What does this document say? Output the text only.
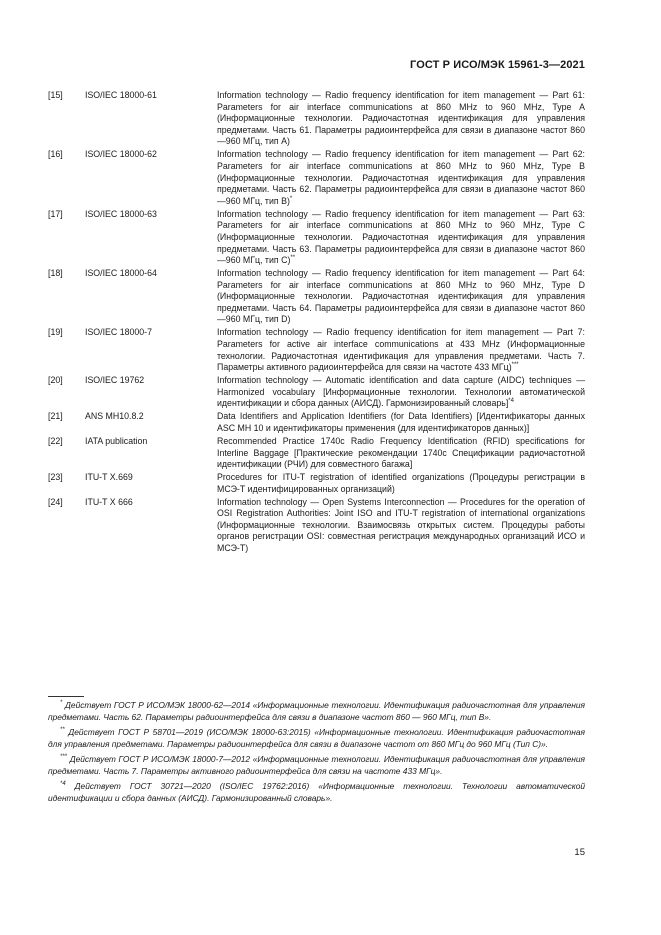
ГОСТ Р ИСО/МЭК 15961-3—2021
[15]	ISO/IEC 18000-61	Information technology — Radio frequency identification for item management — Part 61: Parameters for air interface communications at 860 MHz to 960 MHz, Type A (Информационные технологии. Радиочастотная идентификация для управления предметами. Часть 61. Параметры радиоинтерфейса для связи в диапазоне частот 860—960 МГц, тип А)
[16]	ISO/IEC 18000-62	Information technology — Radio frequency identification for item management — Part 62: Parameters for air interface communications at 860 MHz to 960 MHz, Type B (Информационные технологии. Радиочастотная идентификация для управления предметами. Часть 62. Параметры радиоинтерфейса для связи в диапазоне частот 860—960 МГц, тип В)*
[17]	ISO/IEC 18000-63	Information technology — Radio frequency identification for item management — Part 63: Parameters for air interface communications at 860 MHz to 960 MHz, Type C (Информационные технологии. Радиочастотная идентификация для управления предметами. Часть 63. Параметры радиоинтерфейса для связи в диапазоне частот 860—960 МГц, тип С)**
[18]	ISO/IEC 18000-64	Information technology — Radio frequency identification for item management — Part 64: Parameters for air interface communications at 860 MHz to 960 MHz, Type D (Информационные технологии. Радиочастотная идентификация для управления предметами. Часть 64. Параметры радиоинтерфейса для связи в диапазоне частот 860—960 МГц, тип D)
[19]	ISO/IEC 18000-7	Information technology — Radio frequency identification for item management — Part 7: Parameters for active air interface communications at 433 MHz (Информационные технологии. Радиочастотная идентификация для управления предметами. Часть 7. Параметры активного радиоинтерфейса для связи на частоте 433 МГц)***
[20]	ISO/IEC 19762	Information technology — Automatic identification and data capture (AIDC) techniques — Harmonized vocabulary [Информационные технологии. Технологии автоматической идентификации и сбора данных (АИСД). Гармонизированный словарь]$^{*4}$
[21]	ANS MH10.8.2	Data Identifiers and Application Identifiers (for Data Identifiers) [Идентификаторы данных ASC MH 10 и идентификаторы применения (для идентификаторов данных)]
[22]	IATA publication	Recommended Practice 1740c Radio Frequency Identification (RFID) specifications for Interline Baggage [Практические рекомендации 1740с Спецификации радиочастотной идентификации (РЧИ) для совместного багажа]
[23]	ITU-T X.669	Procedures for ITU-T registration of identified organizations (Процедуры регистрации в МСЭ-Т идентифицированных организаций)
[24]	ITU-T X 666	Information technology — Open Systems Interconnection — Procedures for the operation of OSI Registration Authorities: Joint ISO and ITU-T registration of international organizations (Информационные технологии. Взаимосвязь открытых систем. Процедуры работы органов регистрации OSI: совместная регистрация международных организаций ИСО и МСЭ-Т)
* Действует ГОСТ Р ИСО/МЭК 18000-62—2014 «Информационные технологии. Идентификация радиочастотная для управления предметами. Часть 62. Параметры радиоинтерфейса для связи в диапазоне частот 860 — 960 МГц, тип В».
** Действует ГОСТ Р 58701—2019 (ИСО/МЭК 18000-63:2015) «Информационные технологии. Идентификация радиочастотная для управления предметами. Параметры радиоинтерфейса для связи в диапазоне частот от 860 МГц до 960 МГц (Тип С)».
*** Действует ГОСТ Р ИСО/МЭК 18000-7—2012 «Информационные технологии. Идентификация радиочастотная для управления предметами. Часть 7. Параметры активного радиоинтерфейса для связи на частоте 433 МГц».
$^{*4}$ Действует ГОСТ 30721—2020 (ISO/IEC 19762:2016) «Информационные технологии. Технологии автоматической идентификации и сбора данных (АИСД). Гармонизированный словарь».
15
